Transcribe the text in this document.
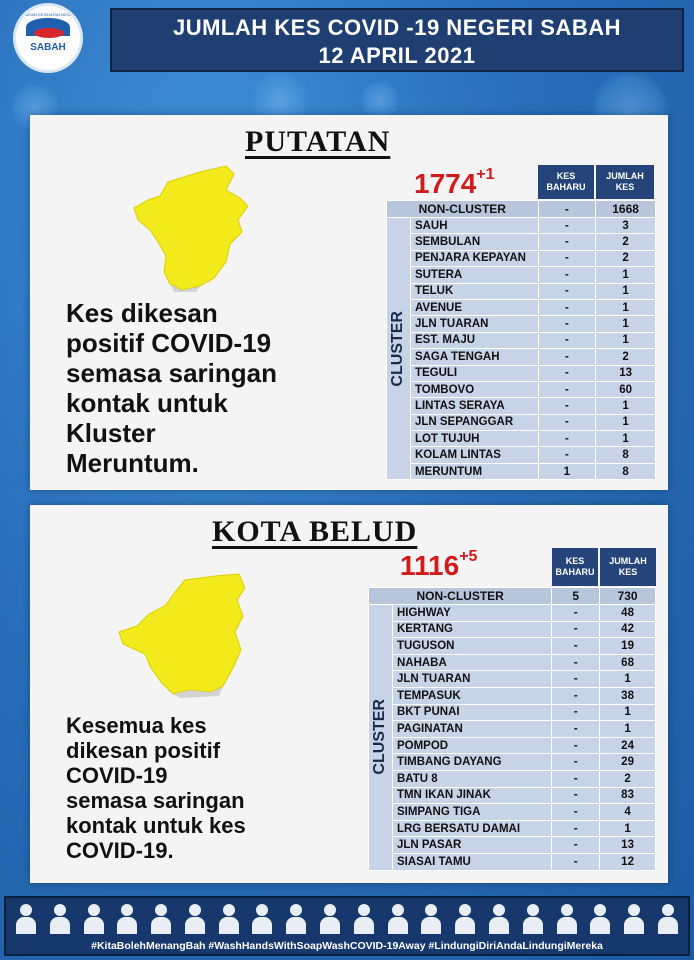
JABATAN KESIHATAN NEGERI
SABAH
JUMLAH KES COVID -19 NEGERI SABAH
12 APRIL 2021
PUTATAN
Kes dikesan
positif COVID-19
semasa saringan
kontak untuk
Kluster
Meruntum.
$1774^{+1}$	KES BAHARU
JUMLAH KES
NON-CLUSTER		-	1668

CLUSTER	SAUH	-	3
	SEMBULAN	-	2
	PENJARA KEPAYAN	-	2
	SUTERA	-	1
	TELUK	-	1
	AVENUE	-	1
	JLN TUARAN	-	1
	EST. MAJU	-	1
	SAGA TENGAH	-	2
	TEGULI	-	13
	TOMBOVO	-	60
	LINTAS SERAYA	-	1
	JLN SEPANGGAR	-	1
	LOT TUJUH	-	1
	KOLAM LINTAS	-	8
	MERUNTUM	1	8
KOTA BELUD
Kesemua kes
dikesan positif
COVID-19
semasa saringan
kontak untuk kes
COVID-19.
$1116^{+5}$	KES BAHARU
JUMLAH KES
NON-CLUSTER		5	730

CLUSTER	HIGHWAY	-	48
	KERTANG	-	42
	TUGUSON	-	19
	NAHABA	-	68
	JLN TUARAN	-	1
	TEMPASUK	-	38
	BKT PUNAI	-	1
	PAGINATAN	-	1
	POMPOD	-	24
	TIMBANG DAYANG	-	29
	BATU 8	-	2
	TMN IKAN JINAK	-	83
	SIMPANG TIGA	-	4
	LRG BERSATU DAMAI	-	1
	JLN PASAR	-	13
	SIASAI TAMU	-	12
#KitaBolehMenangBah #WashHandsWithSoapWashCOVID-19Away #LindungiDiriAndaLindungiMereka
